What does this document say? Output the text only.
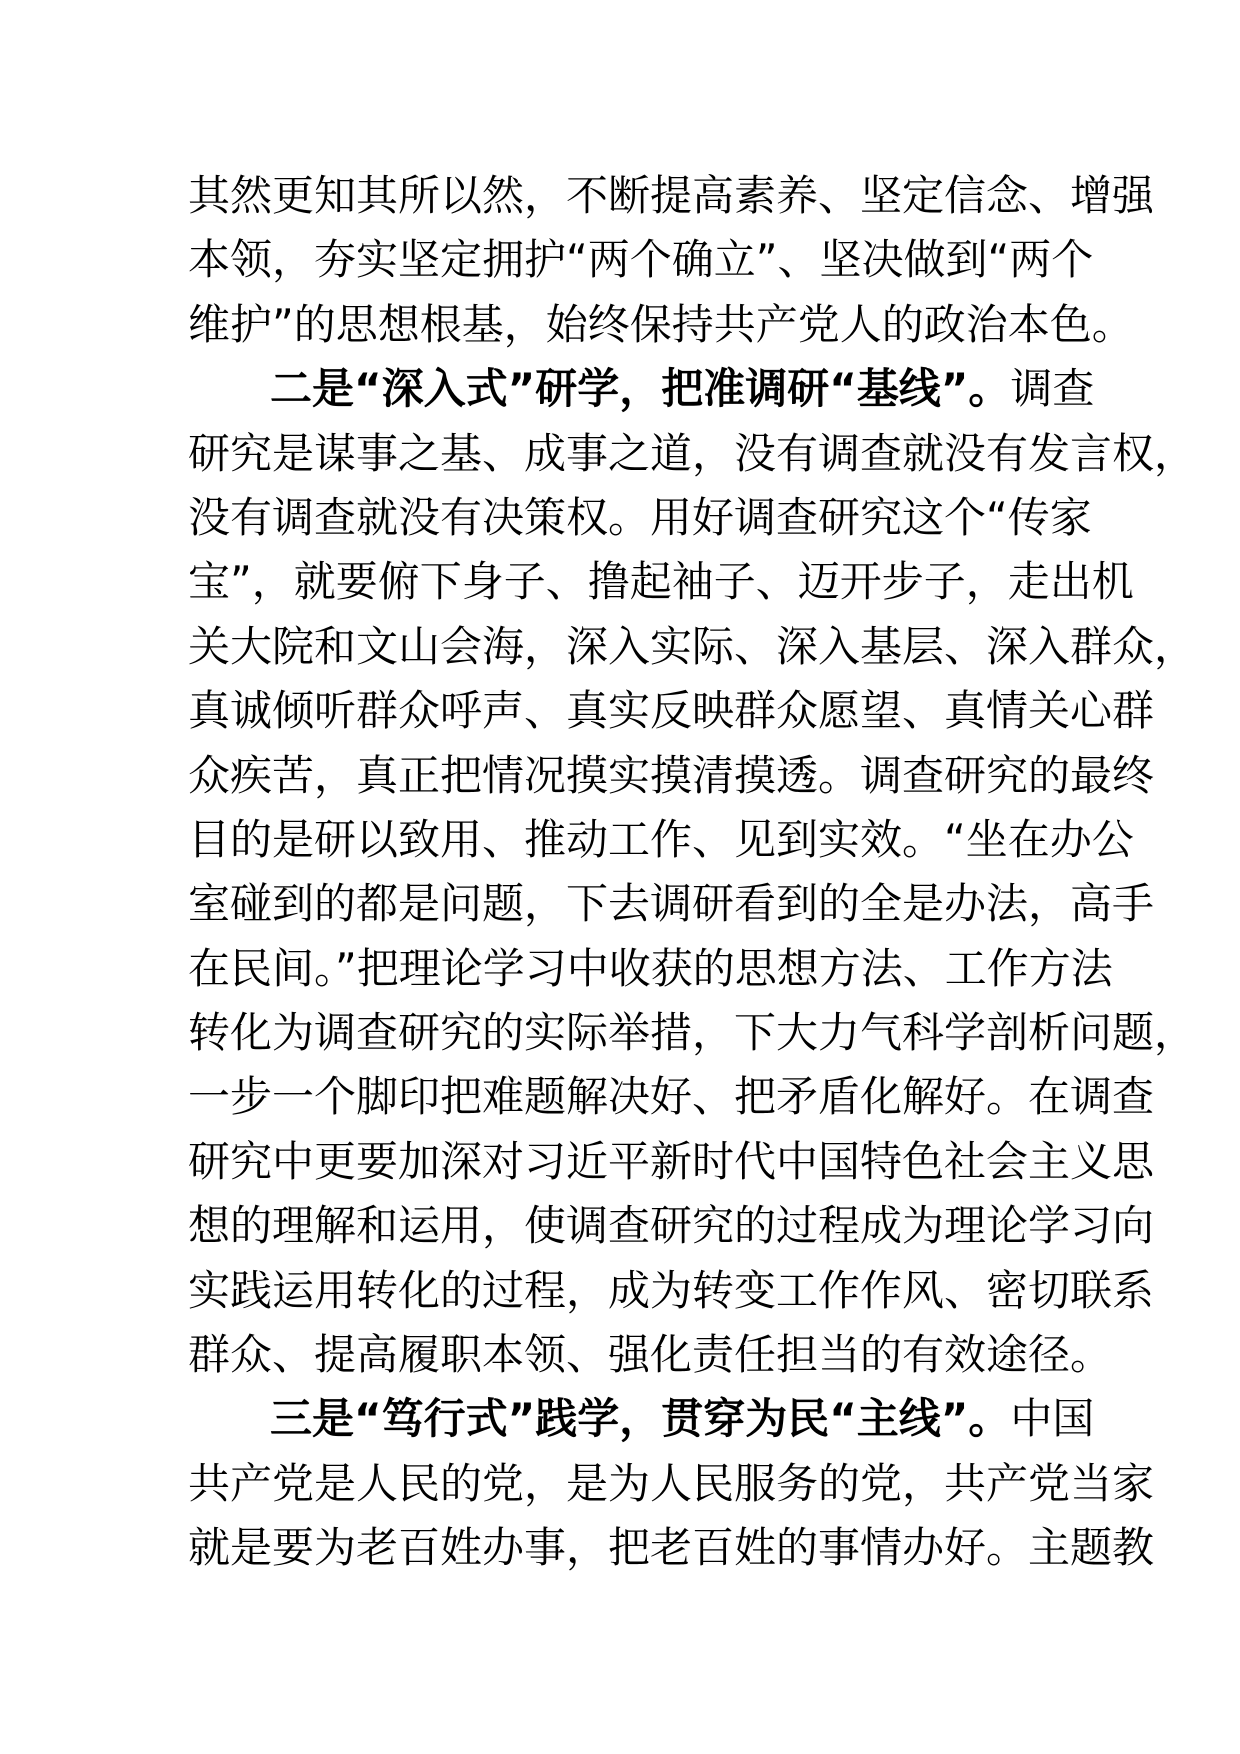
其然更知其所以然，不断提高素养、坚定信念、增强
本领，夯实坚定拥护“两个确立”、坚决做到“两个
维护”的思想根基，始终保持共产党人的政治本色。
二是“深入式”研学，把准调研“基线”。调查
研究是谋事之基、成事之道，没有调查就没有发言权，
没有调查就没有决策权。用好调查研究这个“传家
宝”，就要俯下身子、撸起袖子、迈开步子，走出机
关大院和文山会海，深入实际、深入基层、深入群众，
真诚倾听群众呼声、真实反映群众愿望、真情关心群
众疾苦，真正把情况摸实摸清摸透。调查研究的最终
目的是研以致用、推动工作、见到实效。“坐在办公
室碰到的都是问题，下去调研看到的全是办法，高手
在民间。”把理论学习中收获的思想方法、工作方法
转化为调查研究的实际举措，下大力气科学剖析问题，
一步一个脚印把难题解决好、把矛盾化解好。在调查
研究中更要加深对习近平新时代中国特色社会主义思
想的理解和运用，使调查研究的过程成为理论学习向
实践运用转化的过程，成为转变工作作风、密切联系
群众、提高履职本领、强化责任担当的有效途径。
三是“笃行式”践学，贯穿为民“主线”。中国
共产党是人民的党，是为人民服务的党，共产党当家
就是要为老百姓办事，把老百姓的事情办好。主题教
